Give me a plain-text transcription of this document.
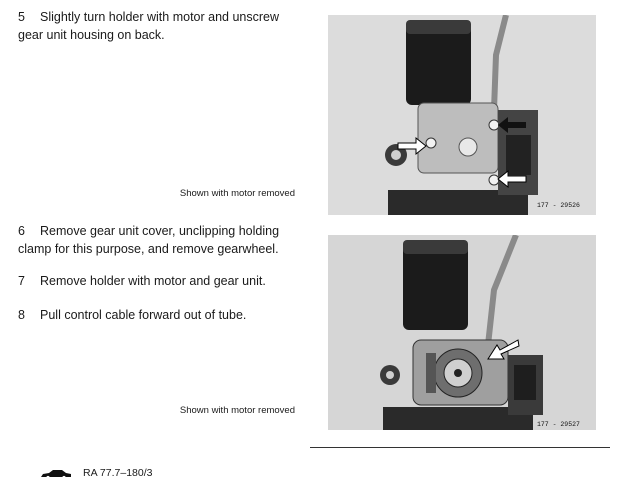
5 Slightly turn holder with motor and unscrew
gear unit housing on back.
Shown with motor removed
177 - 29526
6 Remove gear unit cover, unclipping holding
clamp for this purpose, and remove gearwheel.
7 Remove holder with motor and gear unit.
8 Pull control cable forward out of tube.
Shown with motor removed
177 - 29527
RA 77.7–180/3
